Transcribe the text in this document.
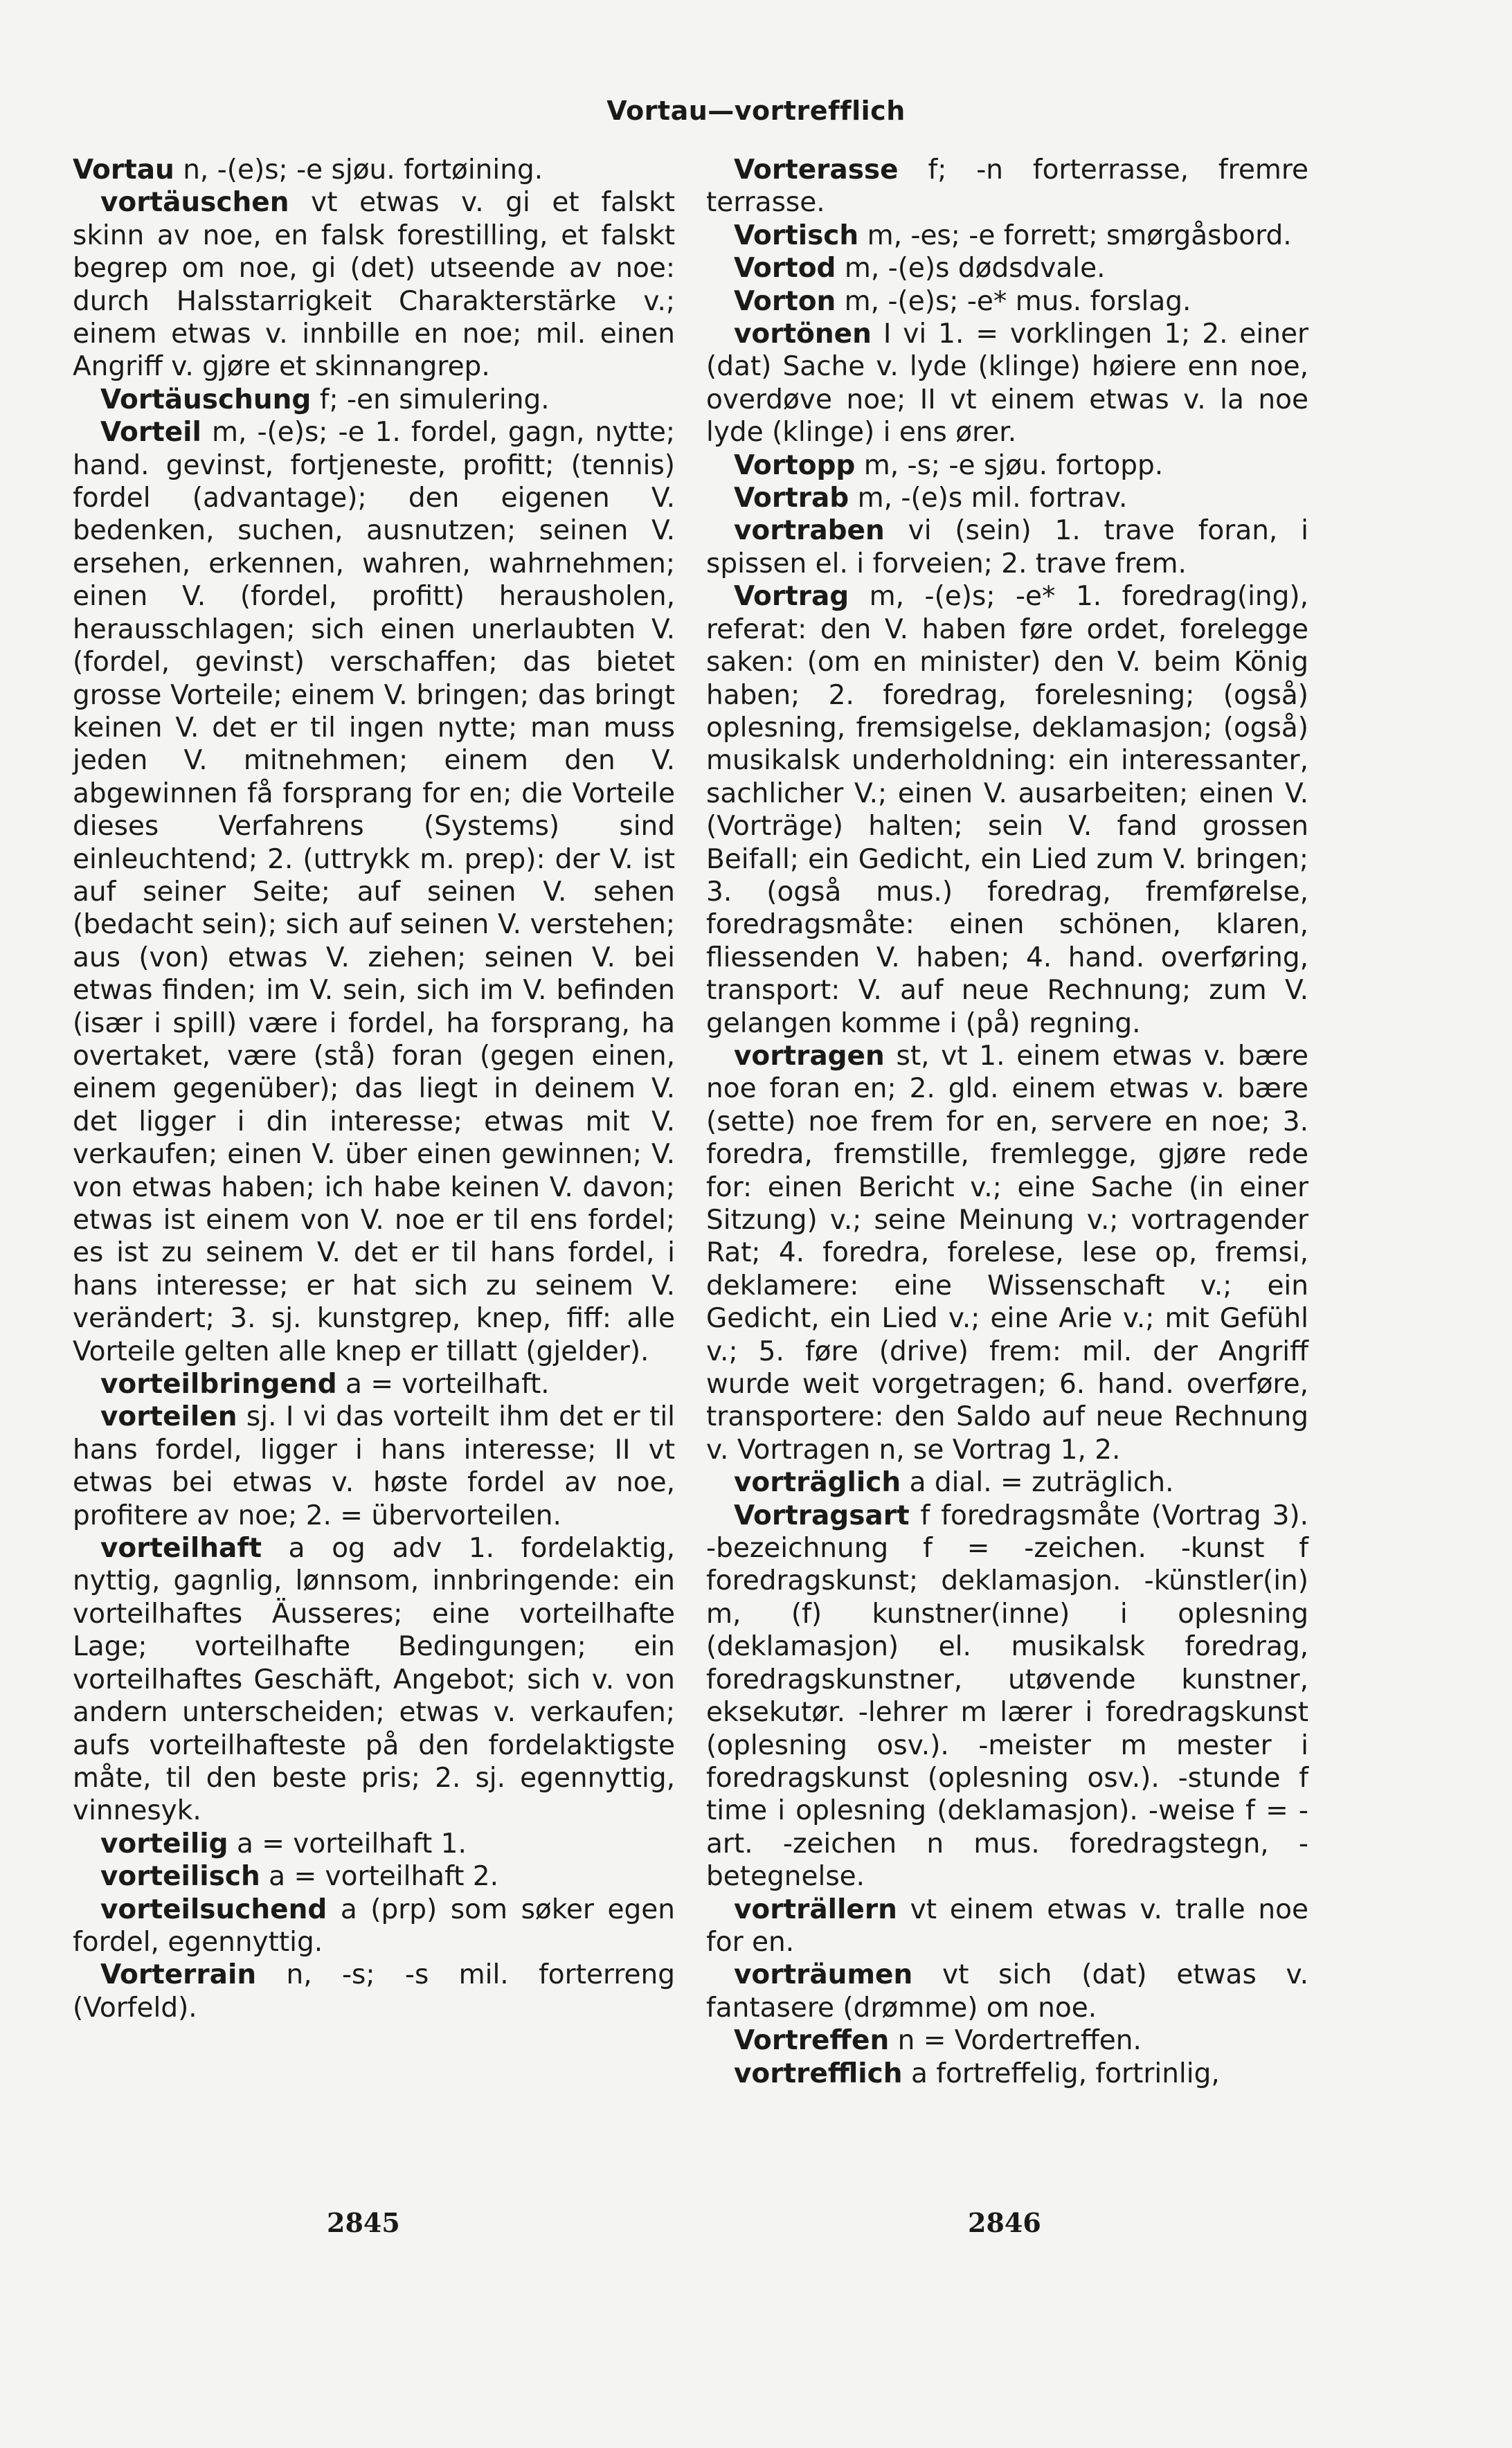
Vortau—vortrefflich

Vortau n, -(e)s; -e sjøu. fortøining.

vortäuschen vt etwas v. gi et falskt skinn av noe, en falsk forestilling, et falskt begrep om noe, gi (det) utseende av noe: durch Halsstarrigkeit Charakterstärke v.; einem etwas v. innbille en noe; mil. einen Angriff v. gjøre et skinnangrep.

Vortäuschung f; -en simulering.

Vorteil m, -(e)s; -e 1. fordel, gagn, nytte; hand. gevinst, fortjeneste, profitt; (tennis) fordel (advantage); den eigenen V. bedenken, suchen, ausnutzen; seinen V. ersehen, erkennen, wahren, wahrnehmen; einen V. (fordel, profitt) herausholen, herausschlagen; sich einen unerlaubten V. (fordel, gevinst) verschaffen; das bietet grosse Vorteile; einem V. bringen; das bringt keinen V. det er til ingen nytte; man muss jeden V. mitnehmen; einem den V. abgewinnen få forsprang for en; die Vorteile dieses Verfahrens (Systems) sind einleuchtend; 2. (uttrykk m. prep): der V. ist auf seiner Seite; auf seinen V. sehen (bedacht sein); sich auf seinen V. verstehen; aus (von) etwas V. ziehen; seinen V. bei etwas finden; im V. sein, sich im V. befinden (især i spill) være i fordel, ha forsprang, ha overtaket, være (stå) foran (gegen einen, einem gegenüber); das liegt in deinem V. det ligger i din interesse; etwas mit V. verkaufen; einen V. über einen gewinnen; V. von etwas haben; ich habe keinen V. davon; etwas ist einem von V. noe er til ens fordel; es ist zu seinem V. det er til hans fordel, i hans interesse; er hat sich zu seinem V. verändert; 3. sj. kunstgrep, knep, fiff: alle Vorteile gelten alle knep er tillatt (gjelder).

vorteilbringend a = vorteilhaft.

vorteilen sj. I vi das vorteilt ihm det er til hans fordel, ligger i hans interesse; II vt etwas bei etwas v. høste fordel av noe, profitere av noe; 2. = übervorteilen.

vorteilhaft a og adv 1. fordelaktig, nyttig, gagnlig, lønnsom, innbringende: ein vorteilhaftes Äusseres; eine vorteilhafte Lage; vorteilhafte Bedingungen; ein vorteilhaftes Geschäft, Angebot; sich v. von andern unterscheiden; etwas v. verkaufen; aufs vorteilhafteste på den fordelaktigste måte, til den beste pris; 2. sj. egennyttig, vinnesyk.

vorteilig a = vorteilhaft 1.

vorteilisch a = vorteilhaft 2.

vorteilsuchend a (prp) som søker egen fordel, egennyttig.

Vorterrain n, -s; -s mil. forterreng (Vorfeld).

Vorterasse f; -n forterrasse, fremre terrasse.

Vortisch m, -es; -e forrett; smørgåsbord.

Vortod m, -(e)s dødsdvale.

Vorton m, -(e)s; -e* mus. forslag.

vortönen I vi 1. = vorklingen 1; 2. einer (dat) Sache v. lyde (klinge) høiere enn noe, overdøve noe; II vt einem etwas v. la noe lyde (klinge) i ens ører.

Vortopp m, -s; -e sjøu. fortopp.

Vortrab m, -(e)s mil. fortrav.

vortraben vi (sein) 1. trave foran, i spissen el. i forveien; 2. trave frem.

Vortrag m, -(e)s; -e* 1. foredrag(ing), referat: den V. haben føre ordet, forelegge saken: (om en minister) den V. beim König haben; 2. foredrag, forelesning; (også) oplesning, fremsigelse, deklamasjon; (også) musikalsk underholdning: ein interessanter, sachlicher V.; einen V. ausarbeiten; einen V. (Vorträge) halten; sein V. fand grossen Beifall; ein Gedicht, ein Lied zum V. bringen; 3. (også mus.) foredrag, fremførelse, foredragsmåte: einen schönen, klaren, fliessenden V. haben; 4. hand. overføring, transport: V. auf neue Rechnung; zum V. gelangen komme i (på) regning.

vortragen st, vt 1. einem etwas v. bære noe foran en; 2. gld. einem etwas v. bære (sette) noe frem for en, servere en noe; 3. foredra, fremstille, fremlegge, gjøre rede for: einen Bericht v.; eine Sache (in einer Sitzung) v.; seine Meinung v.; vortragender Rat; 4. foredra, forelese, lese op, fremsi, deklamere: eine Wissenschaft v.; ein Gedicht, ein Lied v.; eine Arie v.; mit Gefühl v.; 5. føre (drive) frem: mil. der Angriff wurde weit vorgetragen; 6. hand. overføre, transportere: den Saldo auf neue Rechnung v. Vortragen n, se Vortrag 1, 2.

vorträglich a dial. = zuträglich.

Vortragsart f foredragsmåte (Vortrag 3). -bezeichnung f = -zeichen. -kunst f foredragskunst; deklamasjon. -künstler(in) m, (f) kunstner(inne) i oplesning (deklamasjon) el. musikalsk foredrag, foredragskunstner, utøvende kunstner, eksekutør. -lehrer m lærer i foredragskunst (oplesning osv.). -meister m mester i foredragskunst (oplesning osv.). -stunde f time i oplesning (deklamasjon). -weise f = -art. -zeichen n mus. foredragstegn, -betegnelse.

vorträllern vt einem etwas v. tralle noe for en.

vorträumen vt sich (dat) etwas v. fantasere (drømme) om noe.

Vortreffen n = Vordertreffen.

vortrefflich a fortreffelig, fortrinlig,

2845	2846
